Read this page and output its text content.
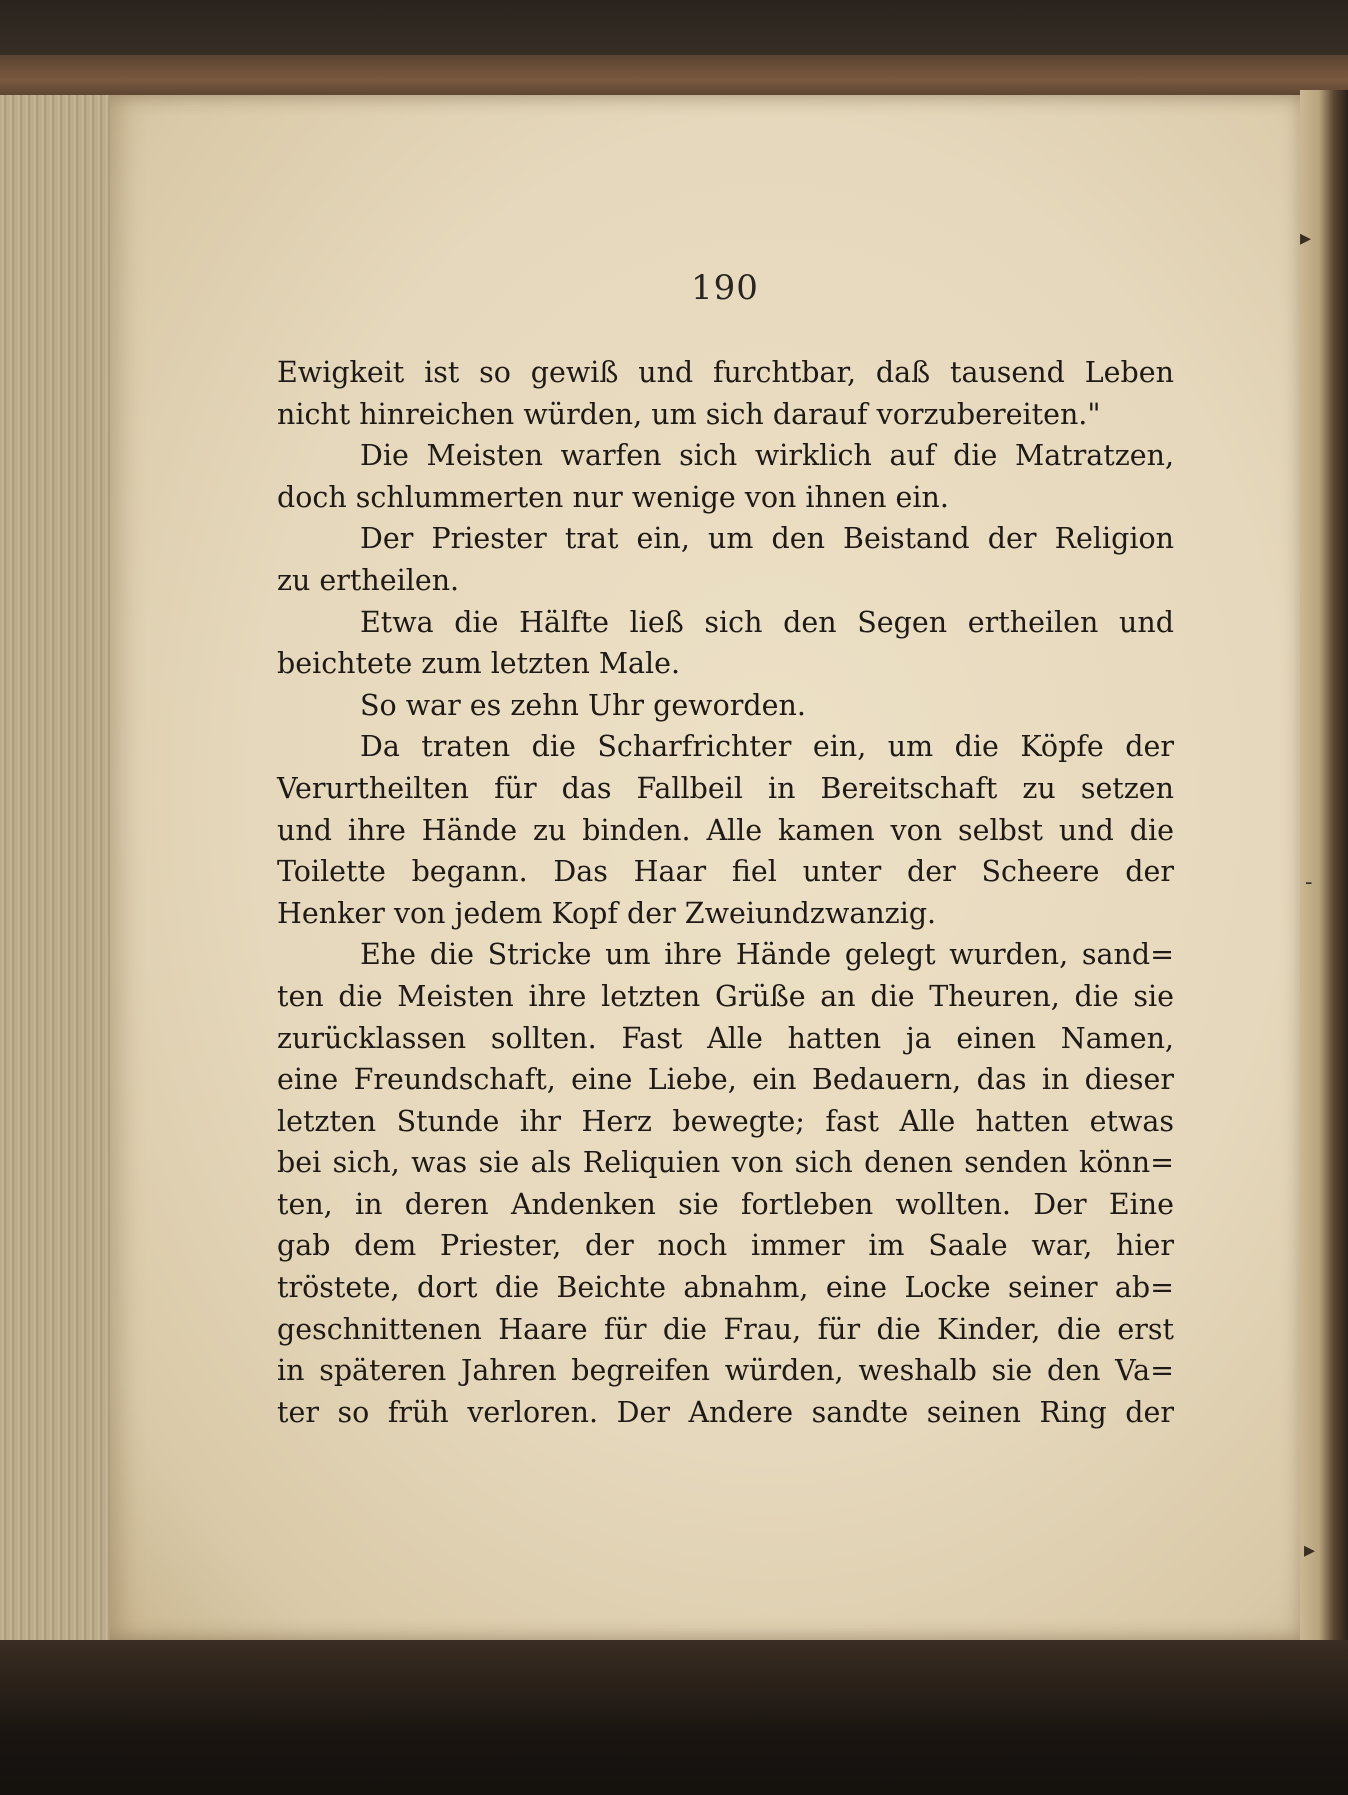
▸
-
▸
190
Ewigkeit ist so gewiß und furchtbar, daß tausend Leben
nicht hinreichen würden, um sich darauf vorzubereiten."
Die Meisten warfen sich wirklich auf die Matratzen,
doch schlummerten nur wenige von ihnen ein.
Der Priester trat ein, um den Beistand der Religion
zu ertheilen.
Etwa die Hälfte ließ sich den Segen ertheilen und
beichtete zum letzten Male.
So war es zehn Uhr geworden.
Da traten die Scharfrichter ein, um die Köpfe der
Verurtheilten für das Fallbeil in Bereitschaft zu setzen
und ihre Hände zu binden. Alle kamen von selbst und die
Toilette begann. Das Haar fiel unter der Scheere der
Henker von jedem Kopf der Zweiundzwanzig.
Ehe die Stricke um ihre Hände gelegt wurden, sand=
ten die Meisten ihre letzten Grüße an die Theuren, die sie
zurücklassen sollten. Fast Alle hatten ja einen Namen,
eine Freundschaft, eine Liebe, ein Bedauern, das in dieser
letzten Stunde ihr Herz bewegte; fast Alle hatten etwas
bei sich, was sie als Reliquien von sich denen senden könn=
ten, in deren Andenken sie fortleben wollten. Der Eine
gab dem Priester, der noch immer im Saale war, hier
tröstete, dort die Beichte abnahm, eine Locke seiner ab=
geschnittenen Haare für die Frau, für die Kinder, die erst
in späteren Jahren begreifen würden, weshalb sie den Va=
ter so früh verloren. Der Andere sandte seinen Ring der
